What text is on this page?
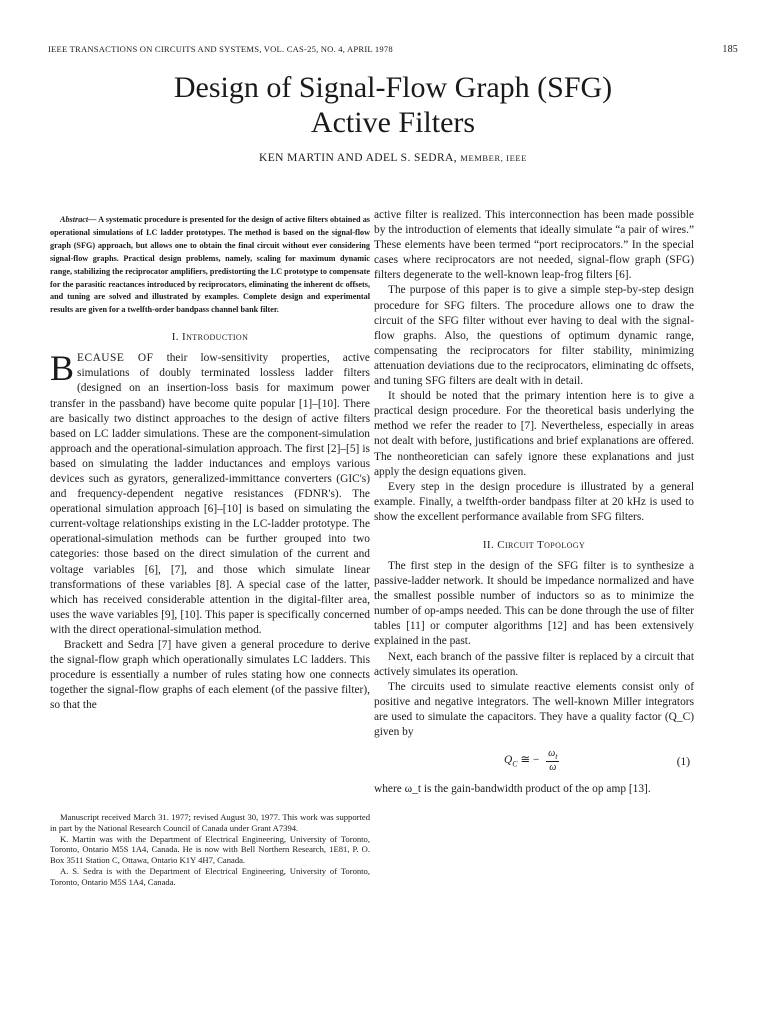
IEEE TRANSACTIONS ON CIRCUITS AND SYSTEMS, VOL. CAS-25, NO. 4, APRIL 1978	185
Design of Signal-Flow Graph (SFG)
Active Filters
KEN MARTIN AND ADEL S. SEDRA, MEMBER, IEEE

Abstract— A systematic procedure is presented for the design of active filters obtained as operational simulations of LC ladder prototypes. The method is based on the signal-flow graph (SFG) approach, but allows one to obtain the final circuit without ever considering signal-flow graphs. Practical design problems, namely, scaling for maximum dynamic range, stabilizing the reciprocator amplifiers, predistorting the LC prototype to compensate for the parasitic reactances introduced by reciprocators, eliminating the inherent dc offsets, and tuning are solved and illustrated by examples. Complete design and experimental results are given for a twelfth-order bandpass channel bank filter.

I. Introduction

BECAUSE OF their low-sensitivity properties, active simulations of doubly terminated lossless ladder filters (designed on an insertion-loss basis for maximum power transfer in the passband) have become quite popular [1]–[10]. There are basically two distinct approaches to the design of active filters based on LC ladder simulations. These are the component-simulation approach and the operational-simulation approach. The first [2]–[5] is based on simulating the ladder inductances and employs various devices such as gyrators, generalized-immittance converters (GIC's) and frequency-dependent negative resistances (FDNR's). The operational simulation approach [6]–[10] is based on simulating the current-voltage relationships existing in the LC-ladder prototype. The operational-simulation methods can be further grouped into two categories: those based on the direct simulation of the current and voltage variables [6], [7], and those which simulate linear transformations of these variables [8]. A special case of the latter, which has received considerable attention in the digital-filter area, uses the wave variables [9], [10]. This paper is specifically concerned with the direct operational-simulation method.

Brackett and Sedra [7] have given a general procedure to derive the signal-flow graph which operationally simulates LC ladders. This procedure is essentially a number of rules stating how one connects together the signal-flow graphs of each element (of the passive filter), so that the

Manuscript received March 31. 1977; revised August 30, 1977. This work was supported in part by the National Research Council of Canada under Grant A7394.

K. Martin was with the Department of Electrical Engineering, University of Toronto, Toronto, Ontario M5S 1A4, Canada. He is now with Bell Northern Research, 1E81, P. O. Box 3511 Station C, Ottawa, Ontario K1Y 4H7, Canada.

A. S. Sedra is with the Department of Electrical Engineering, University of Toronto, Toronto, Ontario M5S 1A4, Canada.

active filter is realized. This interconnection has been made possible by the introduction of elements that ideally simulate “a pair of wires.” These elements have been termed “port reciprocators.” In the special cases where reciprocators are not needed, signal-flow graph (SFG) filters degenerate to the well-known leap-frog filters [6].

The purpose of this paper is to give a simple step-by-step design procedure for SFG filters. The procedure allows one to draw the circuit of the SFG filter without ever having to deal with the signal-flow graphs. Also, the questions of optimum dynamic range, compensating the reciprocators for filter stability, minimizing attenuation deviations due to the reciprocators, eliminating dc offsets, and tuning SFG filters are dealt with in detail.

It should be noted that the primary intention here is to give a practical design procedure. For the theoretical basis underlying the method we refer the reader to [7]. Nevertheless, especially in areas not dealt with before, justifications and brief explanations are offered. The nontheoretician can safely ignore these explanations and just apply the design equations given.

Every step in the design procedure is illustrated by a general example. Finally, a twelfth-order bandpass filter at 20 kHz is used to show the excellent performance available from SFG filters.

II. Circuit Topology

The first step in the design of the SFG filter is to synthesize a passive-ladder network. It should be impedance normalized and have the smallest possible number of inductors so as to minimize the number of op-amps needed. This can be done through the use of filter tables [11] or computer algorithms [12] and has been extensively explained in the past.

Next, each branch of the passive filter is replaced by a circuit that actively simulates its operation.

The circuits used to simulate reactive elements consist only of positive and negative integrators. The well-known Miller integrators are used to simulate the capacitors. They have a quality factor (Q_C) given by

$Q_C$ ≅ − $\frac{\omega_t}{\omega}$	(1)

where ω_t is the gain-bandwidth product of the op amp [13].
